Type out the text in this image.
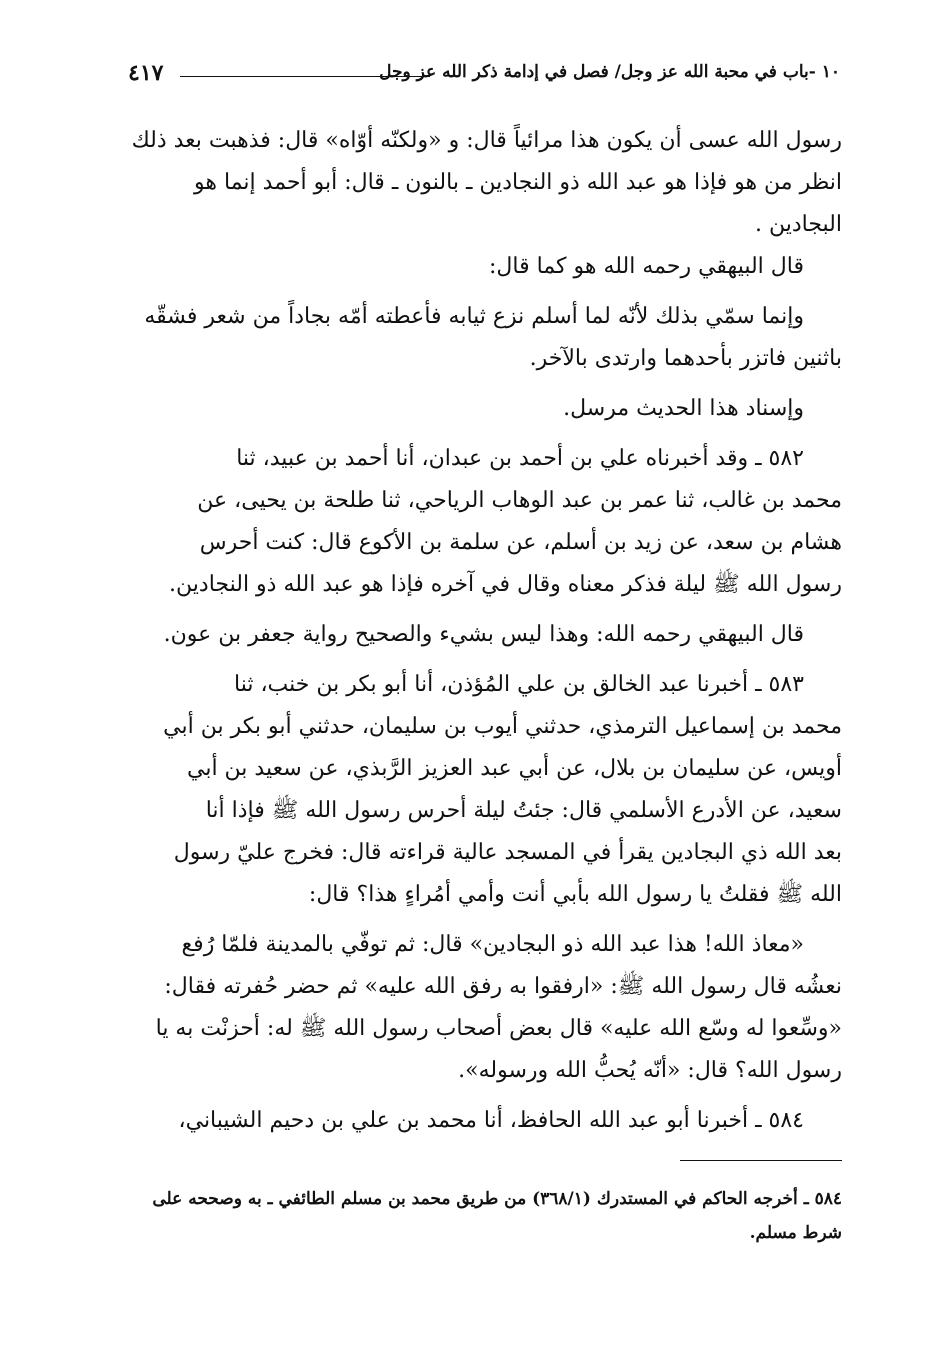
١٠ -باب في محبة الله عز وجل/ فصل في إدامة ذكر الله عز وجل
٤١٧
رسول الله عسى أن يكون هذا مرائياً قال: و «ولكنّه أوّاه» قال: فذهبت بعد ذلك
انظر من هو فإذا هو عبد الله ذو النجادين ـ بالنون ـ قال: أبو أحمد إنما هو
البجادين .
قال البيهقي رحمه الله هو كما قال:
وإنما سمّي بذلك لأنّه لما أسلم نزع ثيابه فأعطته أمّه بجاداً من شعر فشقّه
باثنين فاتزر بأحدهما وارتدى بالآخر.
وإسناد هذا الحديث مرسل.
٥٨٢ ـ وقد أخبرناه علي بن أحمد بن عبدان، أنا أحمد بن عبيد، ثنا
محمد بن غالب، ثنا عمر بن عبد الوهاب الرياحي، ثنا طلحة بن يحيى، عن
هشام بن سعد، عن زيد بن أسلم، عن سلمة بن الأكوع قال: كنت أحرس
رسول الله ﷺ ليلة فذكر معناه وقال في آخره فإذا هو عبد الله ذو النجادين.
قال البيهقي رحمه الله: وهذا ليس بشيء والصحيح رواية جعفر بن عون.
٥٨٣ ـ أخبرنا عبد الخالق بن علي المُؤذن، أنا أبو بكر بن خنب، ثنا
محمد بن إسماعيل الترمذي، حدثني أيوب بن سليمان، حدثني أبو بكر بن أبي
أويس، عن سليمان بن بلال، عن أبي عبد العزيز الرَّبذي، عن سعيد بن أبي
سعيد، عن الأدرع الأسلمي قال: جئتُ ليلة أحرس رسول الله ﷺ فإذا أنا
بعد الله ذي البجادين يقرأ في المسجد عالية قراءته قال: فخرج عليّ رسول
الله ﷺ فقلتُ يا رسول الله بأبي أنت وأمي أمُراءٍ هذا؟ قال:
«معاذ الله! هذا عبد الله ذو البجادين» قال: ثم توفّي بالمدينة فلمّا رُفع
نعشُه قال رسول الله ﷺ: «ارفقوا به رفق الله عليه» ثم حضر حُفرته فقال:
«وسِّعوا له وسّع الله عليه» قال بعض أصحاب رسول الله ﷺ له: أحزنْت به يا
رسول الله؟ قال: «أنّه يُحبُّ الله ورسوله».
٥٨٤ ـ أخبرنا أبو عبد الله الحافظ، أنا محمد بن علي بن دحيم الشيباني،
٥٨٤ ـ أخرجه الحاكم في المستدرك (٣٦٨/١) من طريق محمد بن مسلم الطائفي ـ به وصححه على
شرط مسلم.
